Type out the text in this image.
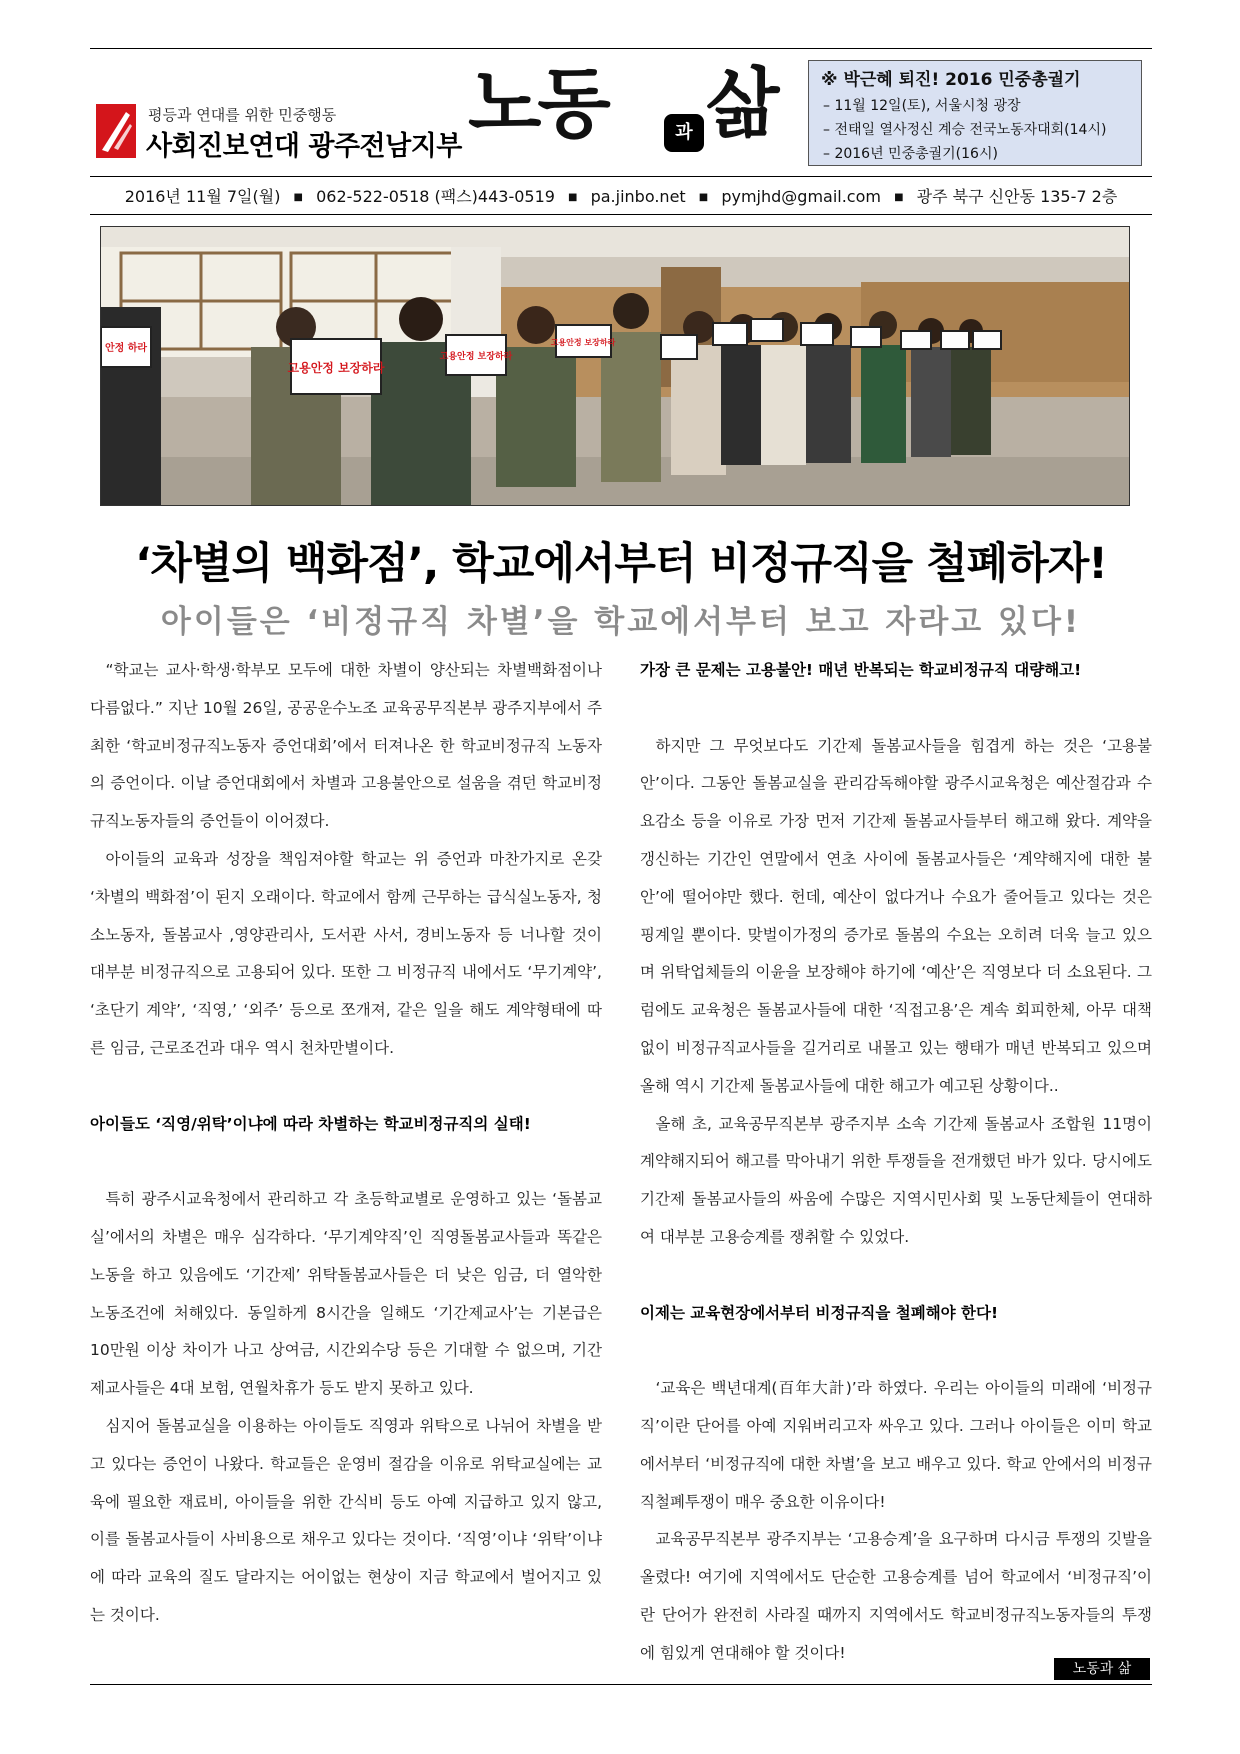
평등과 연대를 위한 민중행동
사회진보연대 광주전남지부 노동	과 삶 ※ 박근혜 퇴진! 2016 민중총궐기
– 11월 12일(토), 서울시청 광장
– 전태일 열사정신 계승 전국노동자대회(14시)
– 2016년 민중총궐기(16시)
2016년 11월 7일(월) ■ 062-522-0518 (팩스)443-0519 ■ pa.jinbo.net ■ pymjhd@gmail.com ■ 광주 북구 신안동 135-7 2층
고용안정 보장하라
고용안정 보장하라
고용안정 보장하라
안정 하라
‘차별의 백화점’, 학교에서부터 비정규직을 철폐하자!
아이들은 ‘비정규직 차별’을 학교에서부터 보고 자라고 있다!

“학교는 교사·학생·학부모 모두에 대한 차별이 양산되는 차별백화점이나 다름없다.” 지난 10월 26일, 공공운수노조 교육공무직본부 광주지부에서 주최한 ‘학교비정규직노동자 증언대회’에서 터져나온 한 학교비정규직 노동자의 증언이다. 이날 증언대회에서 차별과 고용불안으로 설움을 겪던 학교비정규직노동자들의 증언들이 이어졌다.

아이들의 교육과 성장을 책임져야할 학교는 위 증언과 마찬가지로 온갖 ‘차별의 백화점’이 된지 오래이다. 학교에서 함께 근무하는 급식실노동자, 청소노동자, 돌봄교사 ,영양관리사, 도서관 사서, 경비노동자 등 너나할 것이 대부분 비정규직으로 고용되어 있다. 또한 그 비정규직 내에서도 ‘무기계약’, ‘초단기 계약’, ‘직영,’ ‘외주’ 등으로 쪼개져, 같은 일을 해도 계약형태에 따른 임금, 근로조건과 대우 역시 천차만별이다.

아이들도 ‘직영/위탁’이냐에 따라 차별하는 학교비정규직의 실태!

특히 광주시교육청에서 관리하고 각 초등학교별로 운영하고 있는 ‘돌봄교실’에서의 차별은 매우 심각하다. ‘무기계약직’인 직영돌봄교사들과 똑같은 노동을 하고 있음에도 ‘기간제’ 위탁돌봄교사들은 더 낮은 임금, 더 열악한 노동조건에 처해있다. 동일하게 8시간을 일해도 ‘기간제교사’는 기본급은 10만원 이상 차이가 나고 상여금, 시간외수당 등은 기대할 수 없으며, 기간제교사들은 4대 보험, 연월차휴가 등도 받지 못하고 있다.

심지어 돌봄교실을 이용하는 아이들도 직영과 위탁으로 나뉘어 차별을 받고 있다는 증언이 나왔다. 학교들은 운영비 절감을 이유로 위탁교실에는 교육에 필요한 재료비, 아이들을 위한 간식비 등도 아예 지급하고 있지 않고, 이를 돌봄교사들이 사비용으로 채우고 있다는 것이다. ‘직영’이냐 ‘위탁’이냐에 따라 교육의 질도 달라지는 어이없는 현상이 지금 학교에서 벌어지고 있는 것이다.

가장 큰 문제는 고용불안! 매년 반복되는 학교비정규직 대량해고!

하지만 그 무엇보다도 기간제 돌봄교사들을 힘겹게 하는 것은 ‘고용불안’이다. 그동안 돌봄교실을 관리감독해야할 광주시교육청은 예산절감과 수요감소 등을 이유로 가장 먼저 기간제 돌봄교사들부터 해고해 왔다. 계약을 갱신하는 기간인 연말에서 연초 사이에 돌봄교사들은 ‘계약해지에 대한 불안’에 떨어야만 했다. 헌데, 예산이 없다거나 수요가 줄어들고 있다는 것은 핑계일 뿐이다. 맞벌이가정의 증가로 돌봄의 수요는 오히려 더욱 늘고 있으며 위탁업체들의 이윤을 보장해야 하기에 ‘예산’은 직영보다 더 소요된다. 그럼에도 교육청은 돌봄교사들에 대한 ‘직접고용’은 계속 회피한체, 아무 대책없이 비정규직교사들을 길거리로 내몰고 있는 행태가 매년 반복되고 있으며 올해 역시 기간제 돌봄교사들에 대한 해고가 예고된 상황이다..

올해 초, 교육공무직본부 광주지부 소속 기간제 돌봄교사 조합원 11명이 계약해지되어 해고를 막아내기 위한 투쟁들을 전개했던 바가 있다. 당시에도 기간제 돌봄교사들의 싸움에 수많은 지역시민사회 및 노동단체들이 연대하여 대부분 고용승계를 쟁취할 수 있었다.

이제는 교육현장에서부터 비정규직을 철폐해야 한다!

‘교육은 백년대계(百年大計)’라 하였다. 우리는 아이들의 미래에 ‘비정규직’이란 단어를 아예 지워버리고자 싸우고 있다. 그러나 아이들은 이미 학교에서부터 ‘비정규직에 대한 차별’을 보고 배우고 있다. 학교 안에서의 비정규직철폐투쟁이 매우 중요한 이유이다!

교육공무직본부 광주지부는 ‘고용승계’을 요구하며 다시금 투쟁의 깃발을 올렸다! 여기에 지역에서도 단순한 고용승계를 넘어 학교에서 ‘비정규직’이란 단어가 완전히 사라질 때까지 지역에서도 학교비정규직노동자들의 투쟁에 힘있게 연대해야 할 것이다!

노동과 삶
